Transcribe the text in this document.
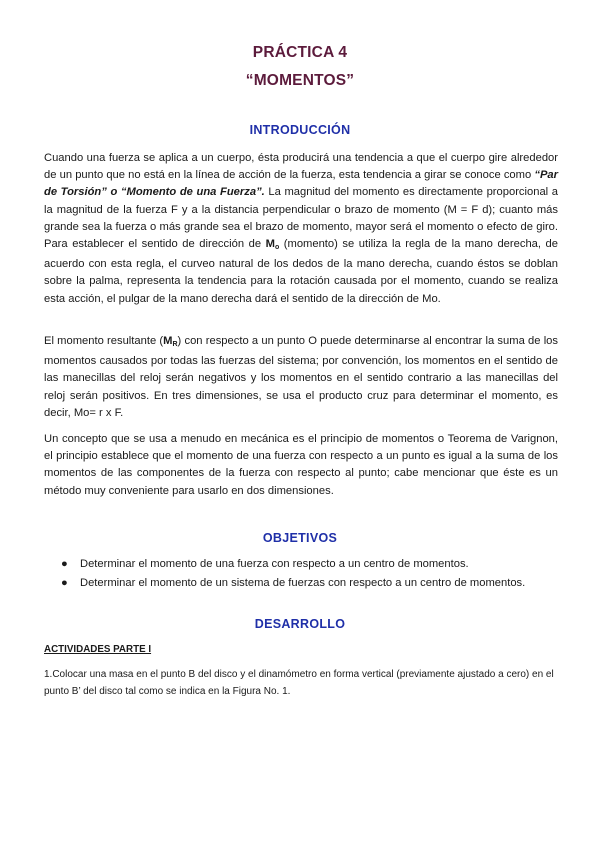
PRÁCTICA 4
“MOMENTOS”
INTRODUCCIÓN
Cuando una fuerza se aplica a un cuerpo, ésta producirá una tendencia a que el cuerpo gire alrededor de un punto que no está en la línea de acción de la fuerza, esta tendencia a girar se conoce como “Par de Torsión” o “Momento de una Fuerza”. La magnitud del momento es directamente proporcional a la magnitud de la fuerza F y a la distancia perpendicular o brazo de momento (M = F d); cuanto más grande sea la fuerza o más grande sea el brazo de momento, mayor será el momento o efecto de giro. Para establecer el sentido de dirección de $M_o$ (momento) se utiliza la regla de la mano derecha, de acuerdo con esta regla, el curveo natural de los dedos de la mano derecha, cuando éstos se doblan sobre la palma, representa la tendencia para la rotación causada por el momento, cuando se realiza esta acción, el pulgar de la mano derecha dará el sentido de la dirección de Mo.
El momento resultante $(M_R)$ con respecto a un punto O puede determinarse al encontrar la suma de los momentos causados por todas las fuerzas del sistema; por convención, los momentos en el sentido de las manecillas del reloj serán negativos y los momentos en el sentido contrario a las manecillas del reloj serán positivos. En tres dimensiones, se usa el producto cruz para determinar el momento, es decir, Mo= r x F.
Un concepto que se usa a menudo en mecánica es el principio de momentos o Teorema de Varignon, el principio establece que el momento de una fuerza con respecto a un punto es igual a la suma de los momentos de las componentes de la fuerza con respecto al punto; cabe mencionar que éste es un método muy conveniente para usarlo en dos dimensiones.
OBJETIVOS
● Determinar el momento de una fuerza con respecto a un centro de momentos.
● Determinar el momento de un sistema de fuerzas con respecto a un centro de momentos.
DESARROLLO
ACTIVIDADES PARTE I
1.Colocar una masa en el punto B del disco y el dinamómetro en forma vertical (previamente ajustado a cero) en el punto B’ del disco tal como se indica en la Figura No. 1.
